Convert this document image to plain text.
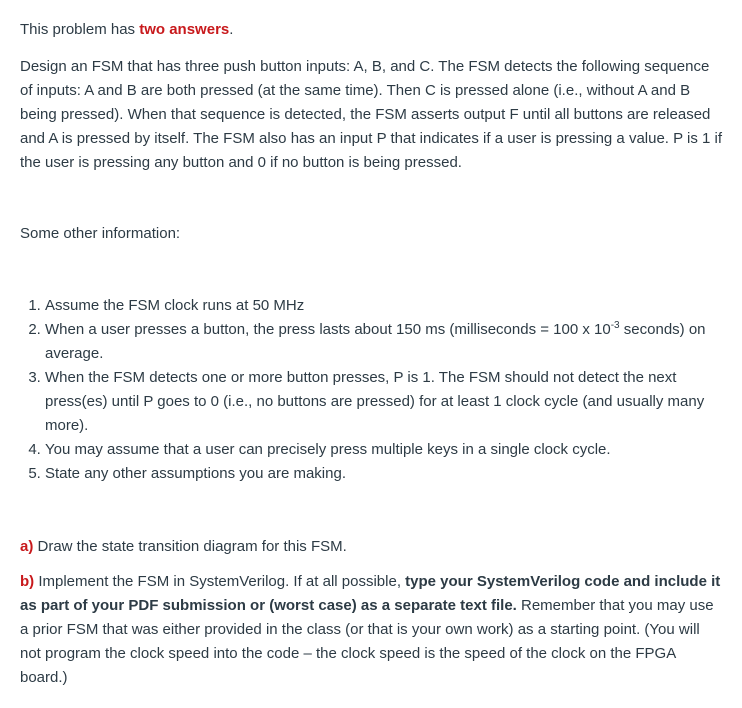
This problem has two answers.

Design an FSM that has three push button inputs: A, B, and C. The FSM detects the following sequence of inputs: A and B are both pressed (at the same time). Then C is pressed alone (i.e., without A and B being pressed). When that sequence is detected, the FSM asserts output F until all buttons are released and A is pressed by itself. The FSM also has an input P that indicates if a user is pressing a value. P is 1 if the user is pressing any button and 0 if no button is being pressed.

Some other information:

1. Assume the FSM clock runs at 50 MHz
2. When a user presses a button, the press lasts about 150 ms (milliseconds = 100 x $10^{-3}$ seconds) on average.
3. When the FSM detects one or more button presses, P is 1. The FSM should not detect the next press(es) until P goes to 0 (i.e., no buttons are pressed) for at least 1 clock cycle (and usually many more).
4. You may assume that a user can precisely press multiple keys in a single clock cycle.
5. State any other assumptions you are making.

a) Draw the state transition diagram for this FSM.

b) Implement the FSM in SystemVerilog. If at all possible, type your SystemVerilog code and include it as part of your PDF submission or (worst case) as a separate text file. Remember that you may use a prior FSM that was either provided in the class (or that is your own work) as a starting point. (You will not program the clock speed into the code – the clock speed is the speed of the clock on the FPGA board.)
